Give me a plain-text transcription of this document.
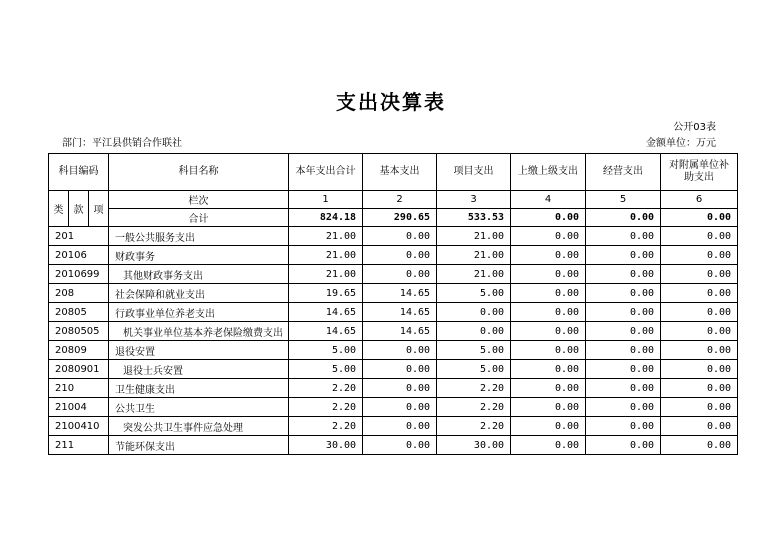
支出决算表
公开03表
部门：平江县供销合作联社	金额单位：万元
科目编码			科目名称	本年支出合计	基本支出	项目支出	上缴上级支出	经营支出	对附属单位补助支出
类	款	项	栏次	1	2	3	4	5	6
			合计	824.18	290.65	533.53	0.00	0.00	0.00
201			一般公共服务支出	21.00	0.00	21.00	0.00	0.00	0.00
20106			财政事务	21.00	0.00	21.00	0.00	0.00	0.00
2010699			其他财政事务支出	21.00	0.00	21.00	0.00	0.00	0.00
208			社会保障和就业支出	19.65	14.65	5.00	0.00	0.00	0.00
20805			行政事业单位养老支出	14.65	14.65	0.00	0.00	0.00	0.00
2080505			机关事业单位基本养老保险缴费支出	14.65	14.65	0.00	0.00	0.00	0.00
20809			退役安置	5.00	0.00	5.00	0.00	0.00	0.00
2080901			退役士兵安置	5.00	0.00	5.00	0.00	0.00	0.00
210			卫生健康支出	2.20	0.00	2.20	0.00	0.00	0.00
21004			公共卫生	2.20	0.00	2.20	0.00	0.00	0.00
2100410			突发公共卫生事件应急处理	2.20	0.00	2.20	0.00	0.00	0.00
211			节能环保支出	30.00	0.00	30.00	0.00	0.00	0.00
